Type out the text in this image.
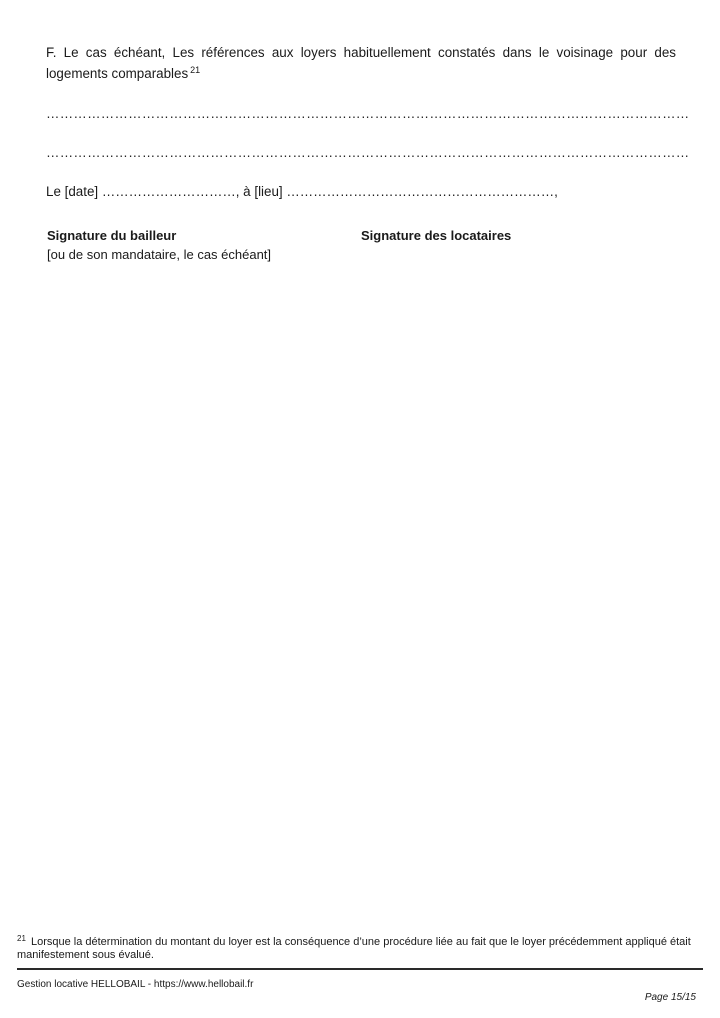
F. Le cas échéant, Les références aux loyers habituellement constatés dans le voisinage pour des
logements comparables $^{21}$
……………………………………………………………………………………………………………………………
……………………………………………………………………………………………………………………………
Le [date] …………………………, à [lieu] ……………………………………………………,
Signature du bailleur
[ou de son mandataire, le cas échéant]
Signature des locataires
$^{21}$ Lorsque la détermination du montant du loyer est la conséquence d’une procédure liée au fait que le loyer précédemment appliqué était manifestement sous évalué.
Gestion locative HELLOBAIL - https://www.hellobail.fr
Page 15/15
